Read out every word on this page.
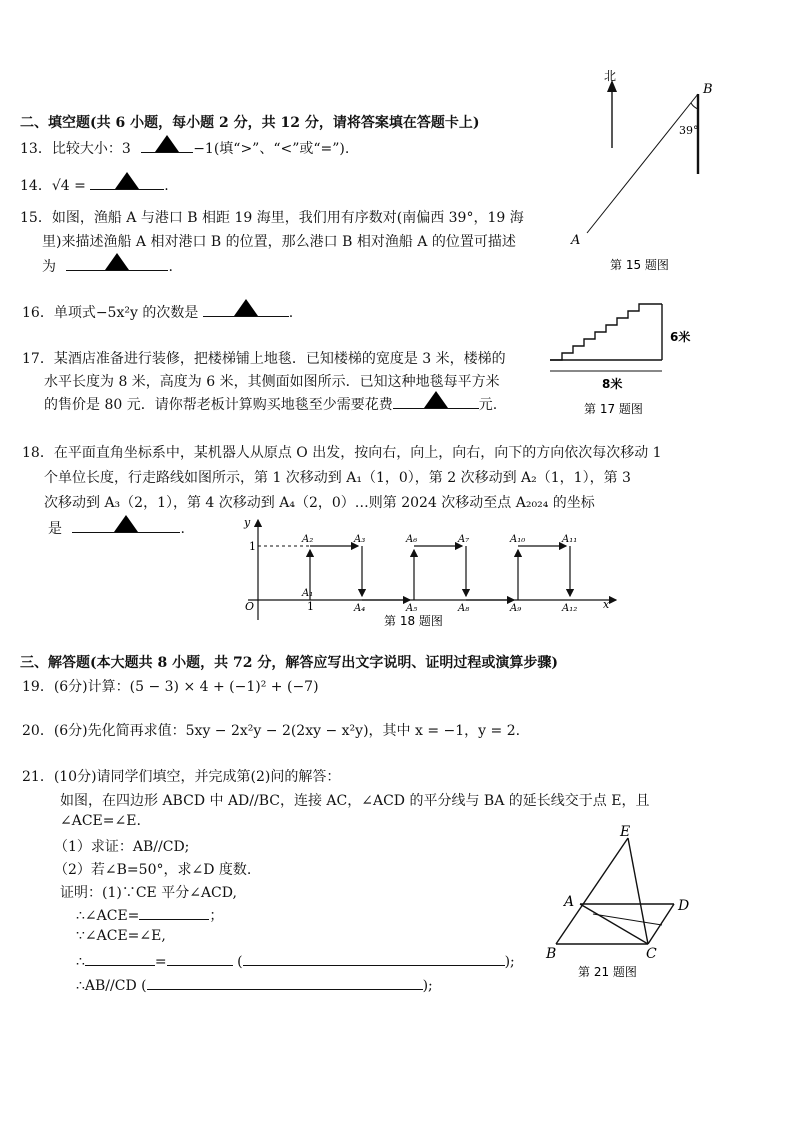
二、填空题(共 6 小题，每小题 2 分，共 12 分，请将答案填在答题卡上)
13．比较大小：3	−1(填“>”、“<”或“=”).
14．√4 =	.
15．如图，渔船 A 与港口 B 相距 19 海里，我们用有序数对(南偏西 39°，19 海
里)来描述渔船 A 相对港口 B 的位置，那么港口 B 相对渔船 A 的位置可描述
为	.
16．单项式−5x²y 的次数是	.
17．某酒店准备进行装修，把楼梯铺上地毯．已知楼梯的宽度是 3 米，楼梯的
水平长度为 8 米，高度为 6 米，其侧面如图所示．已知这种地毯每平方米
的售价是 80 元．请你帮老板计算购买地毯至少需要花费	元.
18．在平面直角坐标系中，某机器人从原点 O 出发，按向右，向上，向右，向下的方向依次每次移动 1
个单位长度，行走路线如图所示，第 1 次移动到 A₁（1，0），第 2 次移动到 A₂（1，1），第 3
次移动到 A₃（2，1），第 4 次移动到 A₄（2，0）…则第 2024 次移动至点 A₂₀₂₄ 的坐标
是	.
北
B
39°
A
第 15 题图
6米
8米
第 17 题图
y
x
O
1
1
A₂	A₃	A₆	A₇	A₁₀	A₁₁
A₁
A₄	A₅	A₈	A₉	A₁₂
第 18 题图
三、解答题(本大题共 8 小题，共 72 分，解答应写出文字说明、证明过程或演算步骤)
19．(6分)计算：(5 − 3) × 4 + (−1)² + (−7)
20．(6分)先化简再求值：5xy − 2x²y − 2(2xy − x²y)，其中 x = −1，y = 2.
21．(10分)请同学们填空，并完成第(2)问的解答：
如图，在四边形 ABCD 中 AD//BC，连接 AC，∠ACD 的平分线与 BA 的延长线交于点 E，且
∠ACE=∠E.
（1）求证：AB//CD;
（2）若∠B=50°，求∠D 度数.
证明：(1)∵CE 平分∠ACD,
∴∠ACE=	；
∵∠ACE=∠E,
∴	=	(	);
∴AB//CD (	);
E
A	D
B	C
第 21 题图
